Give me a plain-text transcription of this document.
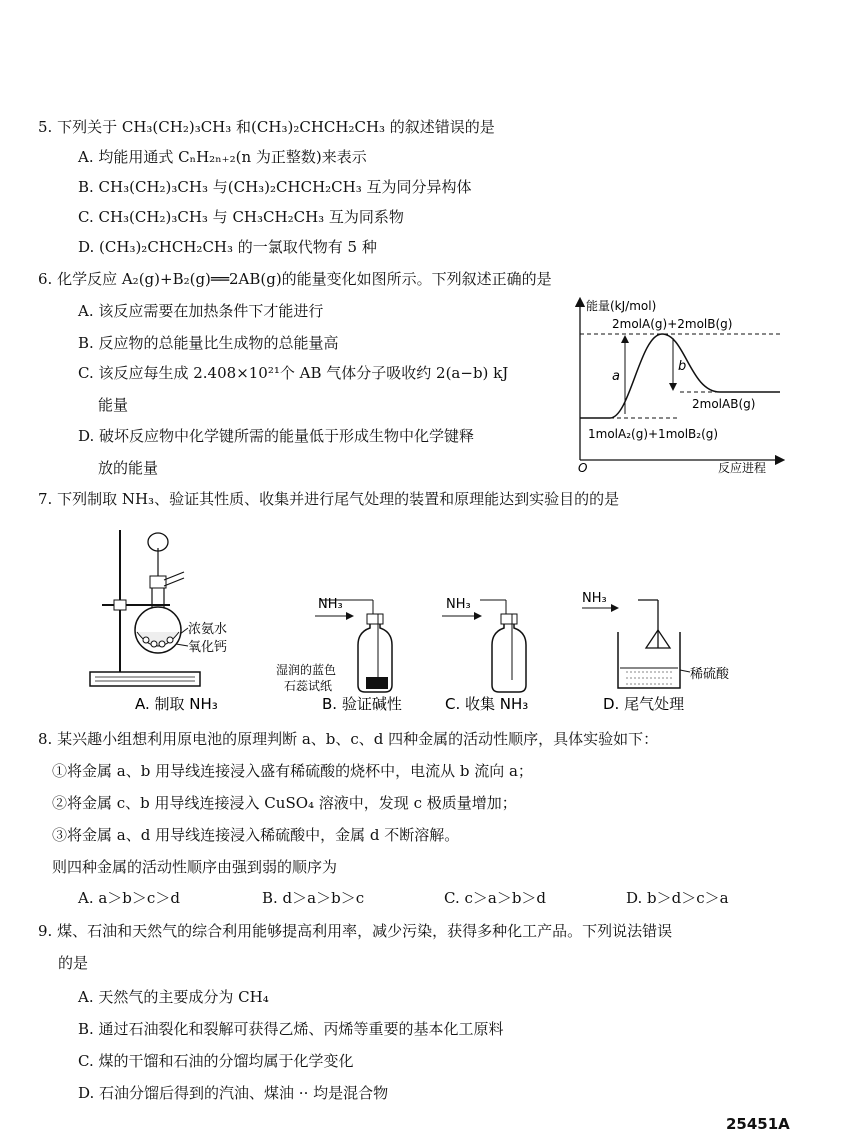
5. 下列关于 CH₃(CH₂)₃CH₃ 和(CH₃)₂CHCH₂CH₃ 的叙述错误的是
A. 均能用通式 CₙH₂ₙ₊₂(n 为正整数)来表示
B. CH₃(CH₂)₃CH₃ 与(CH₃)₂CHCH₂CH₃ 互为同分异构体
C. CH₃(CH₂)₃CH₃ 与 CH₃CH₂CH₃ 互为同系物
D. (CH₃)₂CHCH₂CH₃ 的一氯取代物有 5 种
6. 化学反应 A₂(g)+B₂(g)══2AB(g)的能量变化如图所示。下列叙述正确的是
A. 该反应需要在加热条件下才能进行
B. 反应物的总能量比生成物的总能量高
C. 该反应每生成 2.408×10²¹个 AB 气体分子吸收约 2(a−b) kJ
能量
D. 破坏反应物中化学键所需的能量低于形成生物中化学键释
放的能量
能量(kJ/mol)
2molA(g)+2molB(g)
2molAB(g)
1molA₂(g)+1molB₂(g)
a
b
O	反应进程
7. 下列制取 NH₃、验证其性质、收集并进行尾气处理的装置和原理能达到实验目的的是
浓氨水
氧化钙
A. 制取 NH₃
NH₃
湿润的蓝色
石蕊试纸
B. 验证碱性
NH₃
C. 收集 NH₃
NH₃
稀硫酸
D. 尾气处理
8. 某兴趣小组想利用原电池的原理判断 a、b、c、d 四种金属的活动性顺序，具体实验如下：
①将金属 a、b 用导线连接浸入盛有稀硫酸的烧杯中，电流从 b 流向 a；
②将金属 c、b 用导线连接浸入 CuSO₄ 溶液中，发现 c 极质量增加；
③将金属 a、d 用导线连接浸入稀硫酸中，金属 d 不断溶解。
则四种金属的活动性顺序由强到弱的顺序为
A. a＞b＞c＞d	B. d＞a＞b＞c	C. c＞a＞b＞d	D. b＞d＞c＞a
9. 煤、石油和天然气的综合利用能够提高利用率，减少污染，获得多种化工产品。下列说法错误
的是
A. 天然气的主要成分为 CH₄
B. 通过石油裂化和裂解可获得乙烯、丙烯等重要的基本化工原料
C. 煤的干馏和石油的分馏均属于化学变化
D. 石油分馏后得到的汽油、煤油 ·· 均是混合物
25451A
